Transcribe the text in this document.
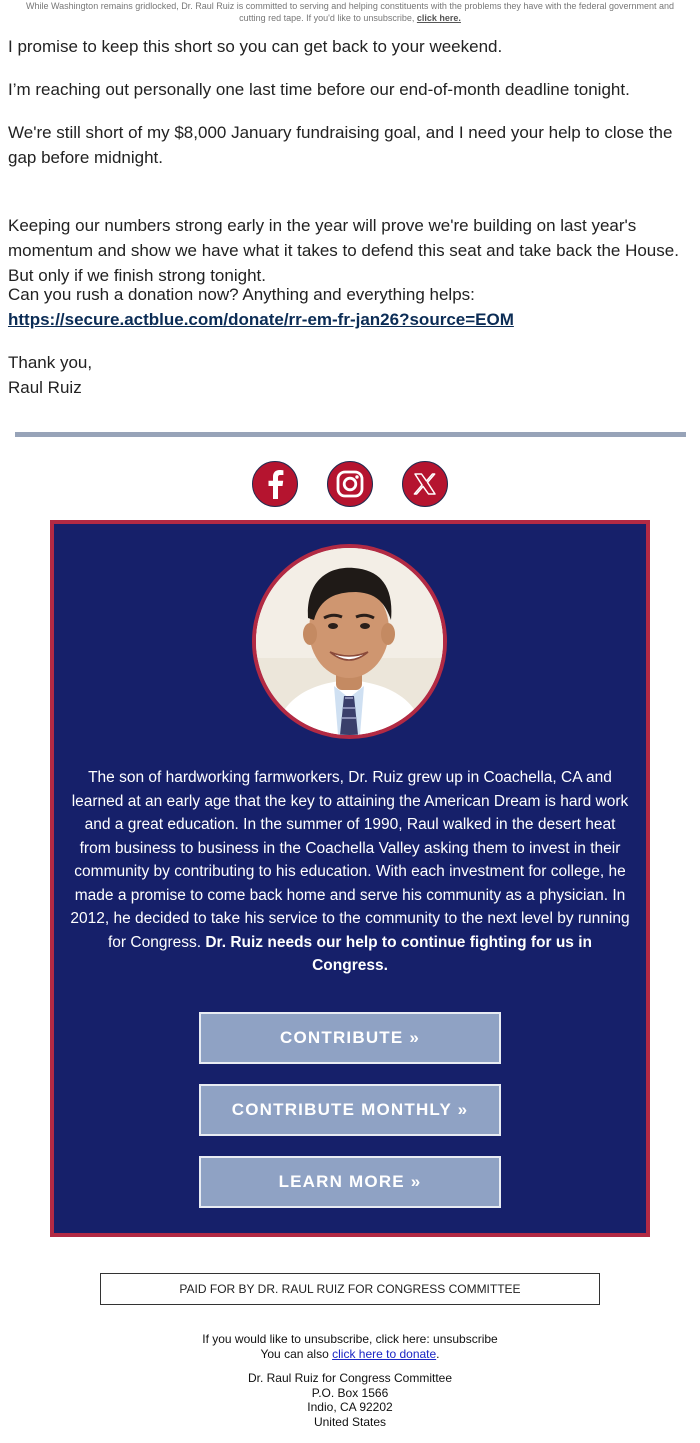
While Washington remains gridlocked, Dr. Raul Ruiz is committed to serving and helping constituents with the problems they have with the federal government and cutting red tape. If you'd like to unsubscribe, click here.

I promise to keep this short so you can get back to your weekend.

I’m reaching out personally one last time before our end-of-month deadline tonight.

We're still short of my $8,000 January fundraising goal, and I need your help to close the gap before midnight.

Keeping our numbers strong early in the year will prove we're building on last year's momentum and show we have what it takes to defend this seat and take back the House. But only if we finish strong tonight.

Can you rush a donation now? Anything and everything helps:
https://secure.actblue.com/donate/rr-em-fr-jan26?source=EOM
Thank you,
Raul Ruiz

The son of hardworking farmworkers, Dr. Ruiz grew up in Coachella, CA and learned at an early age that the key to attaining the American Dream is hard work and a great education. In the summer of 1990, Raul walked in the desert heat from business to business in the Coachella Valley asking them to invest in their community by contributing to his education. With each investment for college, he made a promise to come back home and serve his community as a physician. In 2012, he decided to take his service to the community to the next level by running for Congress. Dr. Ruiz needs our help to continue fighting for us in Congress.

CONTRIBUTE »
CONTRIBUTE MONTHLY »
LEARN MORE »
PAID FOR BY DR. RAUL RUIZ FOR CONGRESS COMMITTEE
If you would like to unsubscribe, click here: unsubscribe
You can also click here to donate.
Dr. Raul Ruiz for Congress Committee
P.O. Box 1566
Indio, CA 92202
United States
